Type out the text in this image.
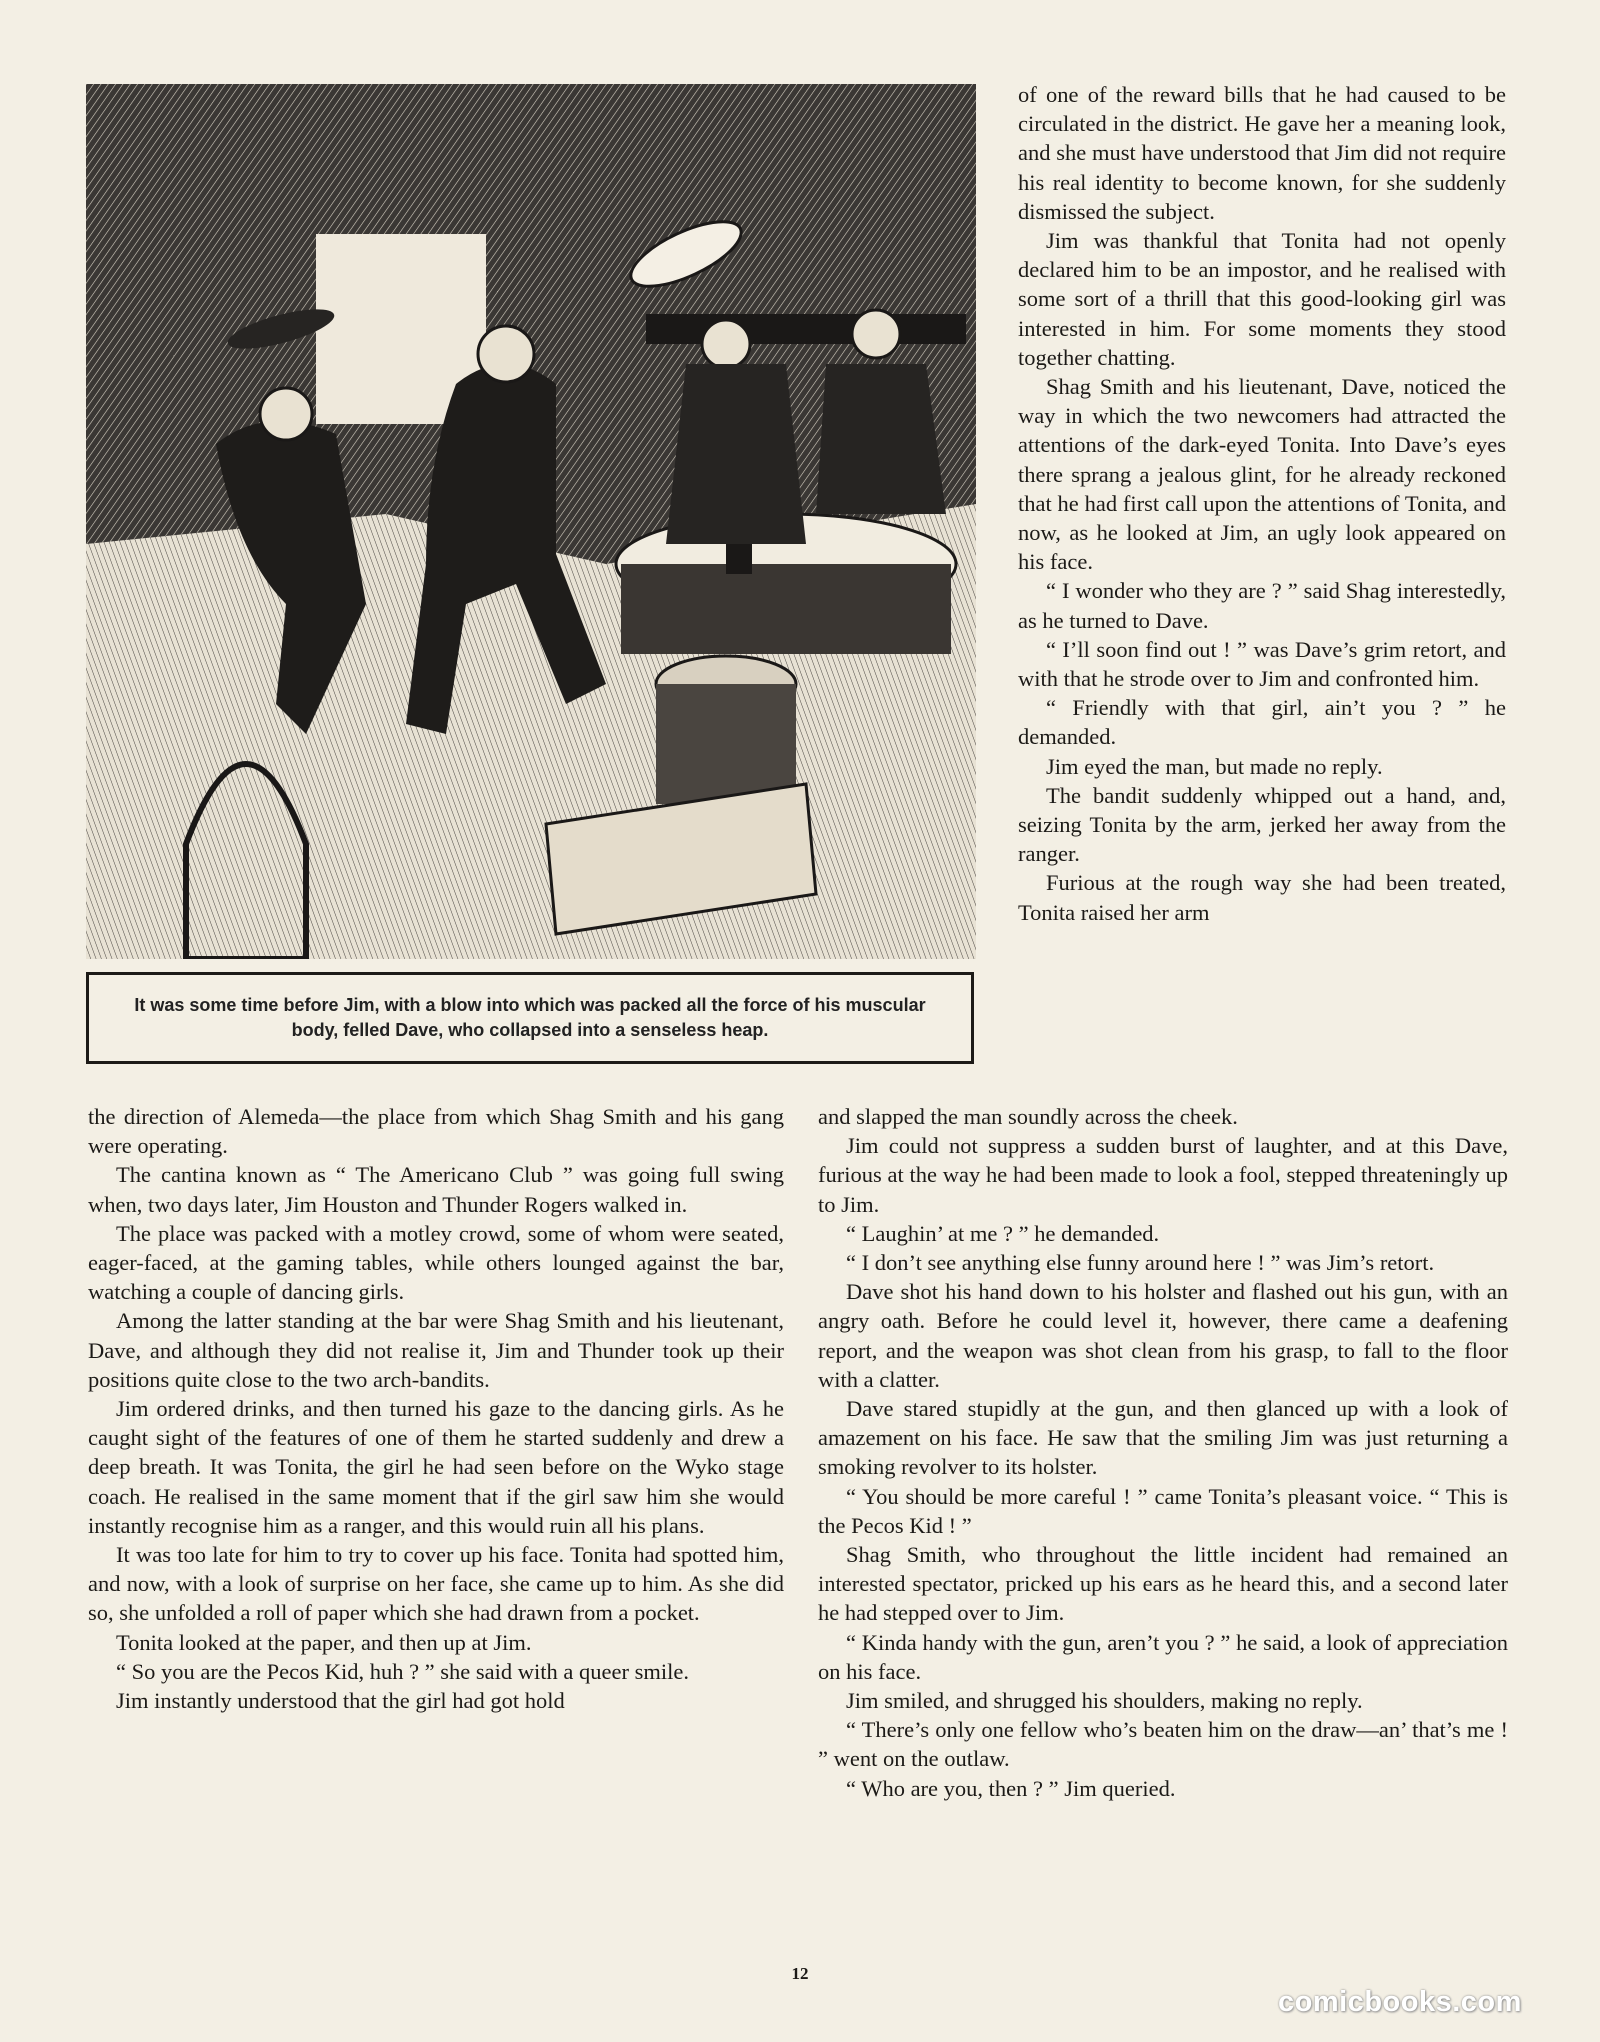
It was some time before Jim, with a blow into which was packed all the force of his muscular body, felled Dave, who collapsed into a senseless heap.

of one of the reward bills that he had caused to be circulated in the district. He gave her a meaning look, and she must have understood that Jim did not require his real identity to become known, for she suddenly dismissed the subject.

Jim was thankful that Tonita had not openly declared him to be an impostor, and he realised with some sort of a thrill that this good-looking girl was interested in him. For some moments they stood together chatting.

Shag Smith and his lieutenant, Dave, noticed the way in which the two newcomers had attracted the attentions of the dark-eyed Tonita. Into Dave’s eyes there sprang a jealous glint, for he already reckoned that he had first call upon the attentions of Tonita, and now, as he looked at Jim, an ugly look appeared on his face.

“ I wonder who they are ? ” said Shag interestedly, as he turned to Dave.

“ I’ll soon find out ! ” was Dave’s grim retort, and with that he strode over to Jim and confronted him.

“ Friendly with that girl, ain’t you ? ” he demanded.

Jim eyed the man, but made no reply.

The bandit suddenly whipped out a hand, and, seizing Tonita by the arm, jerked her away from the ranger.

Furious at the rough way she had been treated, Tonita raised her arm

the direction of Alemeda—the place from which Shag Smith and his gang were operating.

The cantina known as “ The Americano Club ” was going full swing when, two days later, Jim Houston and Thunder Rogers walked in.

The place was packed with a motley crowd, some of whom were seated, eager-faced, at the gaming tables, while others lounged against the bar, watching a couple of dancing girls.

Among the latter standing at the bar were Shag Smith and his lieutenant, Dave, and although they did not realise it, Jim and Thunder took up their positions quite close to the two arch-bandits.

Jim ordered drinks, and then turned his gaze to the dancing girls. As he caught sight of the features of one of them he started suddenly and drew a deep breath. It was Tonita, the girl he had seen before on the Wyko stage coach. He realised in the same moment that if the girl saw him she would instantly recognise him as a ranger, and this would ruin all his plans.

It was too late for him to try to cover up his face. Tonita had spotted him, and now, with a look of surprise on her face, she came up to him. As she did so, she unfolded a roll of paper which she had drawn from a pocket.

Tonita looked at the paper, and then up at Jim.

“ So you are the Pecos Kid, huh ? ” she said with a queer smile.

Jim instantly understood that the girl had got hold

and slapped the man soundly across the cheek.

Jim could not suppress a sudden burst of laughter, and at this Dave, furious at the way he had been made to look a fool, stepped threateningly up to Jim.

“ Laughin’ at me ? ” he demanded.

“ I don’t see anything else funny around here ! ” was Jim’s retort.

Dave shot his hand down to his holster and flashed out his gun, with an angry oath. Before he could level it, however, there came a deafening report, and the weapon was shot clean from his grasp, to fall to the floor with a clatter.

Dave stared stupidly at the gun, and then glanced up with a look of amazement on his face. He saw that the smiling Jim was just returning a smoking revolver to its holster.

“ You should be more careful ! ” came Tonita’s pleasant voice. “ This is the Pecos Kid ! ”

Shag Smith, who throughout the little incident had remained an interested spectator, pricked up his ears as he heard this, and a second later he had stepped over to Jim.

“ Kinda handy with the gun, aren’t you ? ” he said, a look of appreciation on his face.

Jim smiled, and shrugged his shoulders, making no reply.

“ There’s only one fellow who’s beaten him on the draw—an’ that’s me ! ” went on the outlaw.

“ Who are you, then ? ” Jim queried.

12
comicbooks.com
